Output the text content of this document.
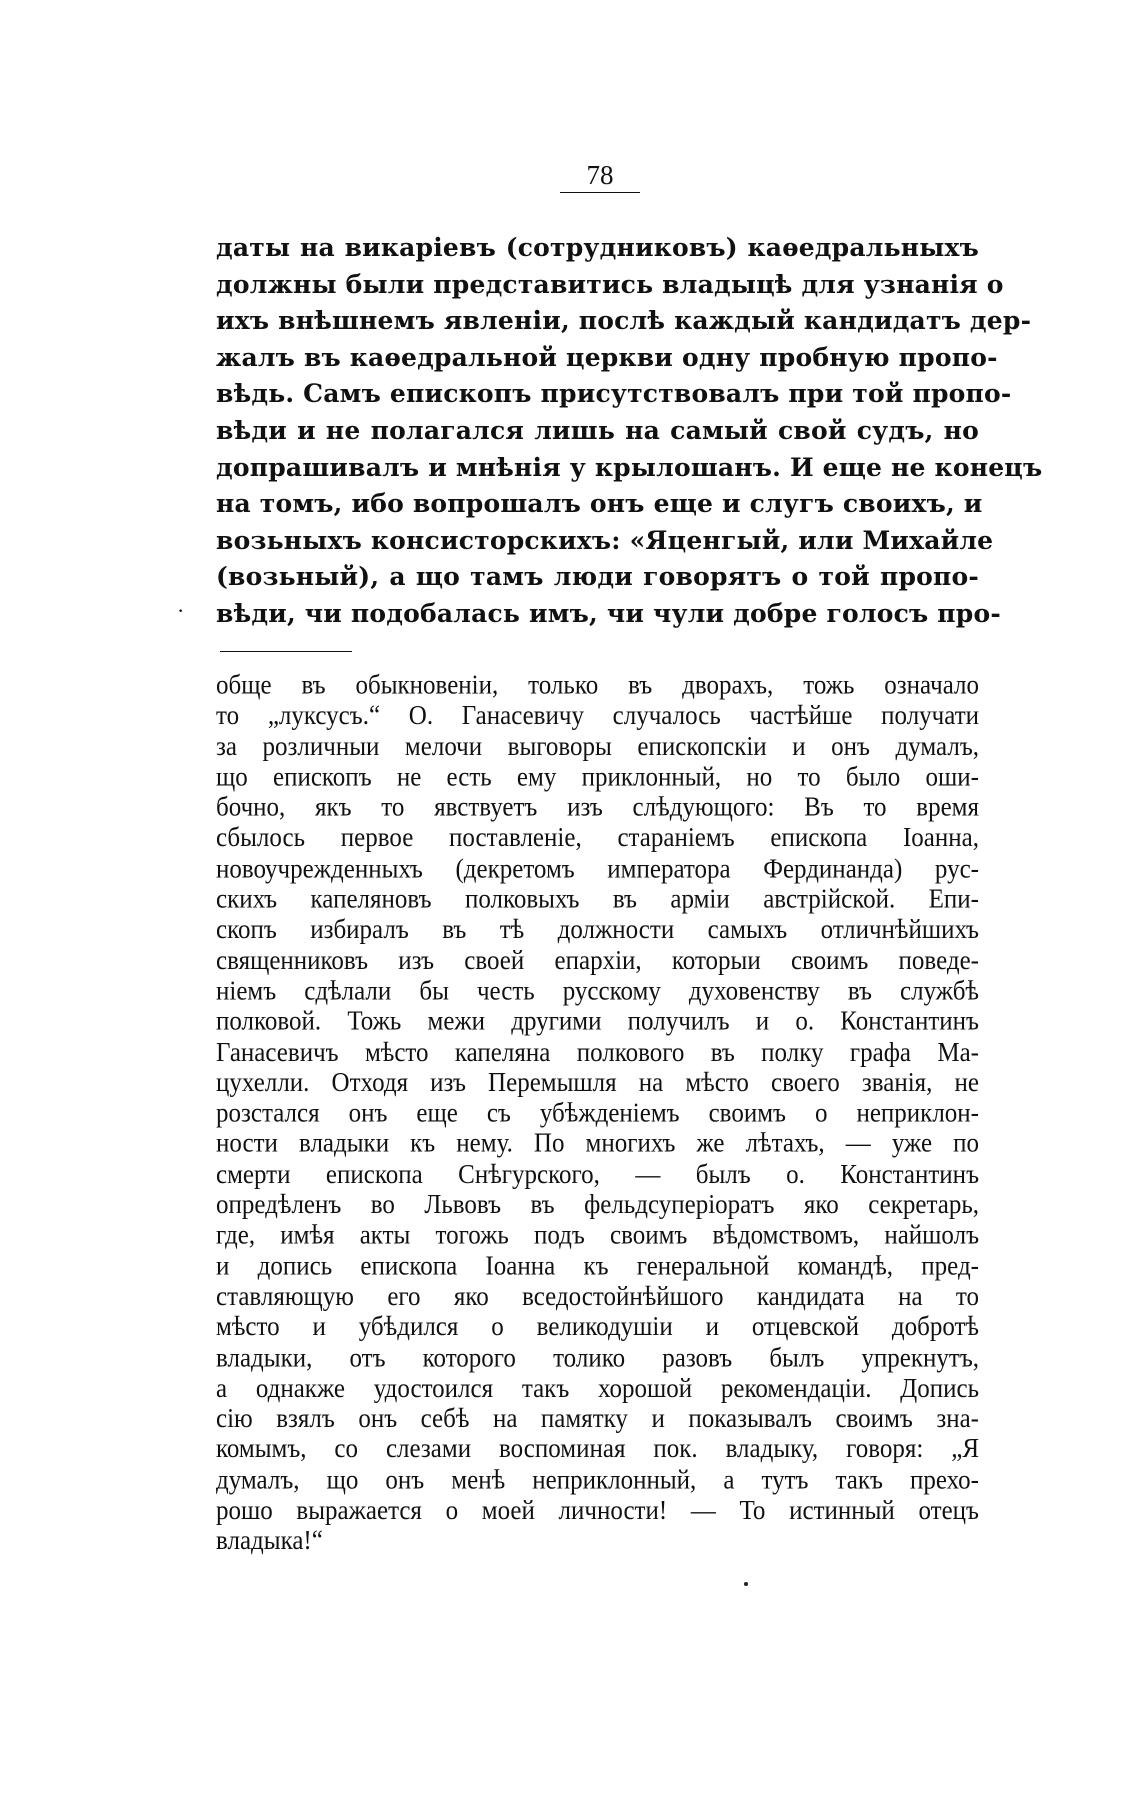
78
·
даты на викаріевъ (сотрудниковъ) каѳедральныхъ
должны были представитись владыцѣ для узнанія о
ихъ внѣшнемъ явленіи, послѣ каждый кандидатъ дер-
жалъ въ каѳедральной церкви одну пробную пропо-
вѣдь. Самъ епископъ присутствовалъ при той пропо-
вѣди и не полагался лишь на самый свой судъ, но
допрашивалъ и мнѣнія у крылошанъ. И еще не конецъ
на томъ, ибо вопрошалъ онъ еще и слугъ своихъ, и
возьныхъ консисторскихъ: «Яценгый, или Михайле
(возьный), а що тамъ люди говорятъ о той пропо-
вѣди, чи подобалась имъ, чи чули добре голосъ про-
обще въ обыкновеніи, только въ дворахъ, тожь означало
то „луксусъ.“ О. Ганасевичу случалось частѣйше получати
за розличныи мелочи выговоры епископскіи и онъ думалъ,
що епископъ не есть ему приклонный, но то было оши-
бочно, якъ то явствуетъ изъ слѣдующого: Въ то время
сбылось первое поставленіе, стараніемъ епископа Іоанна,
новоучрежденныхъ (декретомъ императора Фердинанда) рус-
скихъ капеляновъ полковыхъ въ арміи австрійской. Епи-
скопъ избиралъ въ тѣ должности самыхъ отличнѣйшихъ
священниковъ изъ своей епархіи, которыи своимъ поведе-
ніемъ сдѣлали бы честь русскому духовенству въ службѣ
полковой. Тожь межи другими получилъ и о. Константинъ
Ганасевичъ мѣсто капеляна полкового въ полку графа Ма-
цухелли. Отходя изъ Перемышля на мѣсто своего званія, не
розстался онъ еще съ убѣжденіемъ своимъ о неприклон-
ности владыки къ нему. По многихъ же лѣтахъ, — уже по
смерти епископа Снѣгурского, — былъ о. Константинъ
опредѣленъ во Львовъ въ фельдсуперіоратъ яко секретарь,
где, имѣя акты тогожь подъ своимъ вѣдомствомъ, найшолъ
и допись епископа Іоанна къ генеральной командѣ, пред-
ставляющую его яко вседостойнѣйшого кандидата на то
мѣсто и убѣдился о великодушіи и отцевской добротѣ
владыки, отъ которого толико разовъ былъ упрекнутъ,
а однакже удостоился такъ хорошой рекомендаціи. Допись
сію взялъ онъ себѣ на памятку и показывалъ своимъ зна-
комымъ, со слезами воспоминая пок. владыку, говоря: „Я
думалъ, що онъ менѣ неприклонный, а тутъ такъ прехо-
рошо выражается о моей личности! — То истинный отецъ
владыка!“
